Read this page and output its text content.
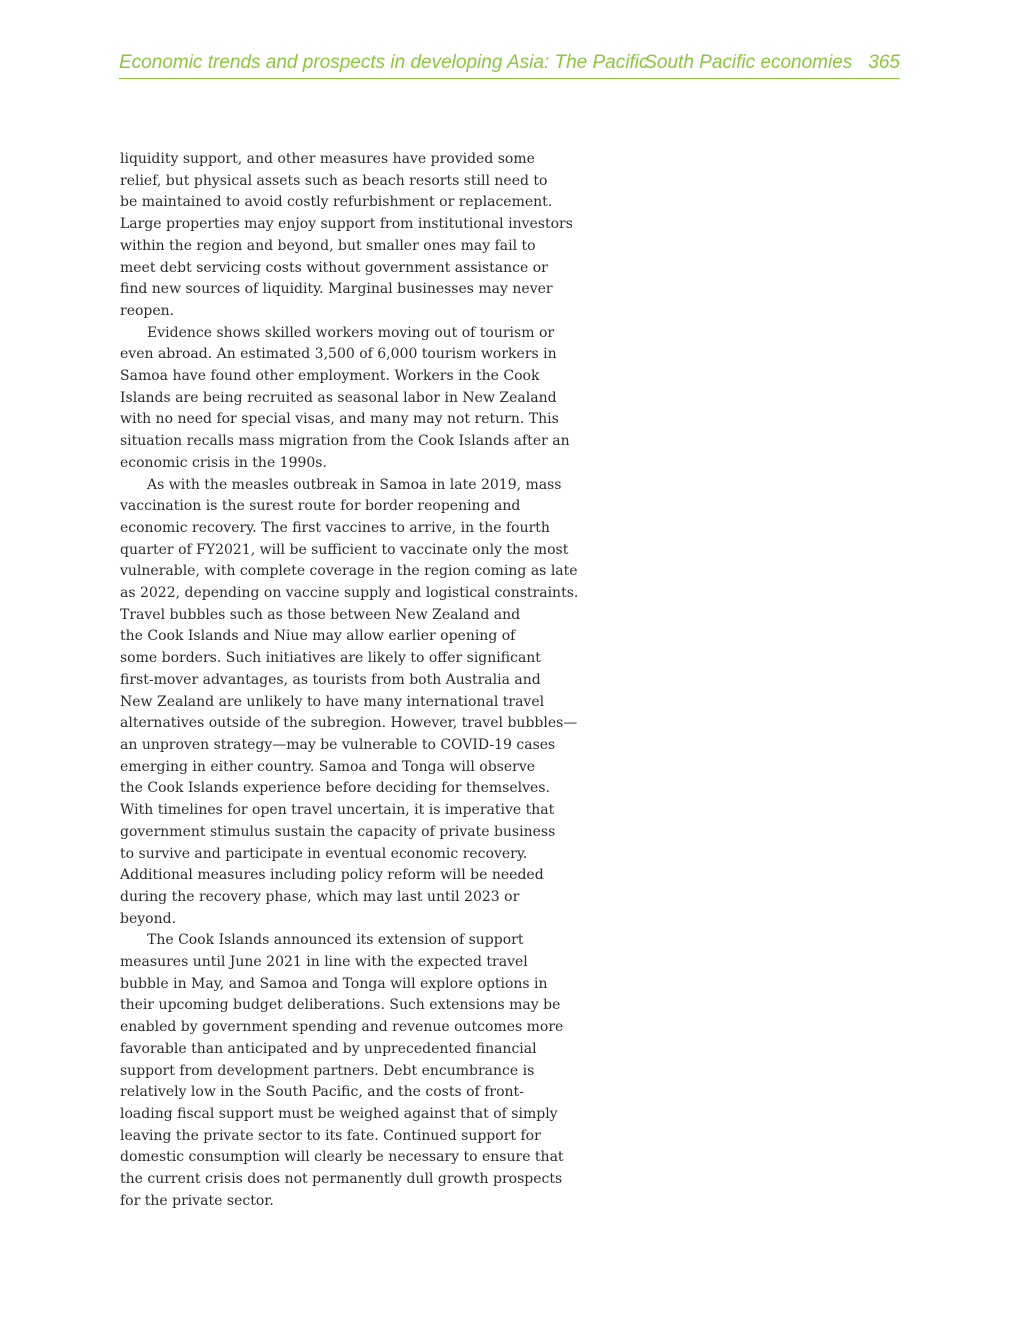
Economic trends and prospects in developing Asia: The Pacific
South Pacific economies 365

liquidity support, and other measures have provided some
relief, but physical assets such as beach resorts still need to
be maintained to avoid costly refurbishment or replacement.
Large properties may enjoy support from institutional investors
within the region and beyond, but smaller ones may fail to
meet debt servicing costs without government assistance or
find new sources of liquidity. Marginal businesses may never
reopen.

Evidence shows skilled workers moving out of tourism or
even abroad. An estimated 3,500 of 6,000 tourism workers in
Samoa have found other employment. Workers in the Cook
Islands are being recruited as seasonal labor in New Zealand
with no need for special visas, and many may not return. This
situation recalls mass migration from the Cook Islands after an
economic crisis in the 1990s.

As with the measles outbreak in Samoa in late 2019, mass
vaccination is the surest route for border reopening and
economic recovery. The first vaccines to arrive, in the fourth
quarter of FY2021, will be sufficient to vaccinate only the most
vulnerable, with complete coverage in the region coming as late
as 2022, depending on vaccine supply and logistical constraints.
Travel bubbles such as those between New Zealand and
the Cook Islands and Niue may allow earlier opening of
some borders. Such initiatives are likely to offer significant
first-mover advantages, as tourists from both Australia and
New Zealand are unlikely to have many international travel
alternatives outside of the subregion. However, travel bubbles—
an unproven strategy—may be vulnerable to COVID-19 cases
emerging in either country. Samoa and Tonga will observe
the Cook Islands experience before deciding for themselves.
With timelines for open travel uncertain, it is imperative that
government stimulus sustain the capacity of private business
to survive and participate in eventual economic recovery.
Additional measures including policy reform will be needed
during the recovery phase, which may last until 2023 or
beyond.

The Cook Islands announced its extension of support
measures until June 2021 in line with the expected travel
bubble in May, and Samoa and Tonga will explore options in
their upcoming budget deliberations. Such extensions may be
enabled by government spending and revenue outcomes more
favorable than anticipated and by unprecedented financial
support from development partners. Debt encumbrance is
relatively low in the South Pacific, and the costs of front-
loading fiscal support must be weighed against that of simply
leaving the private sector to its fate. Continued support for
domestic consumption will clearly be necessary to ensure that
the current crisis does not permanently dull growth prospects
for the private sector.
